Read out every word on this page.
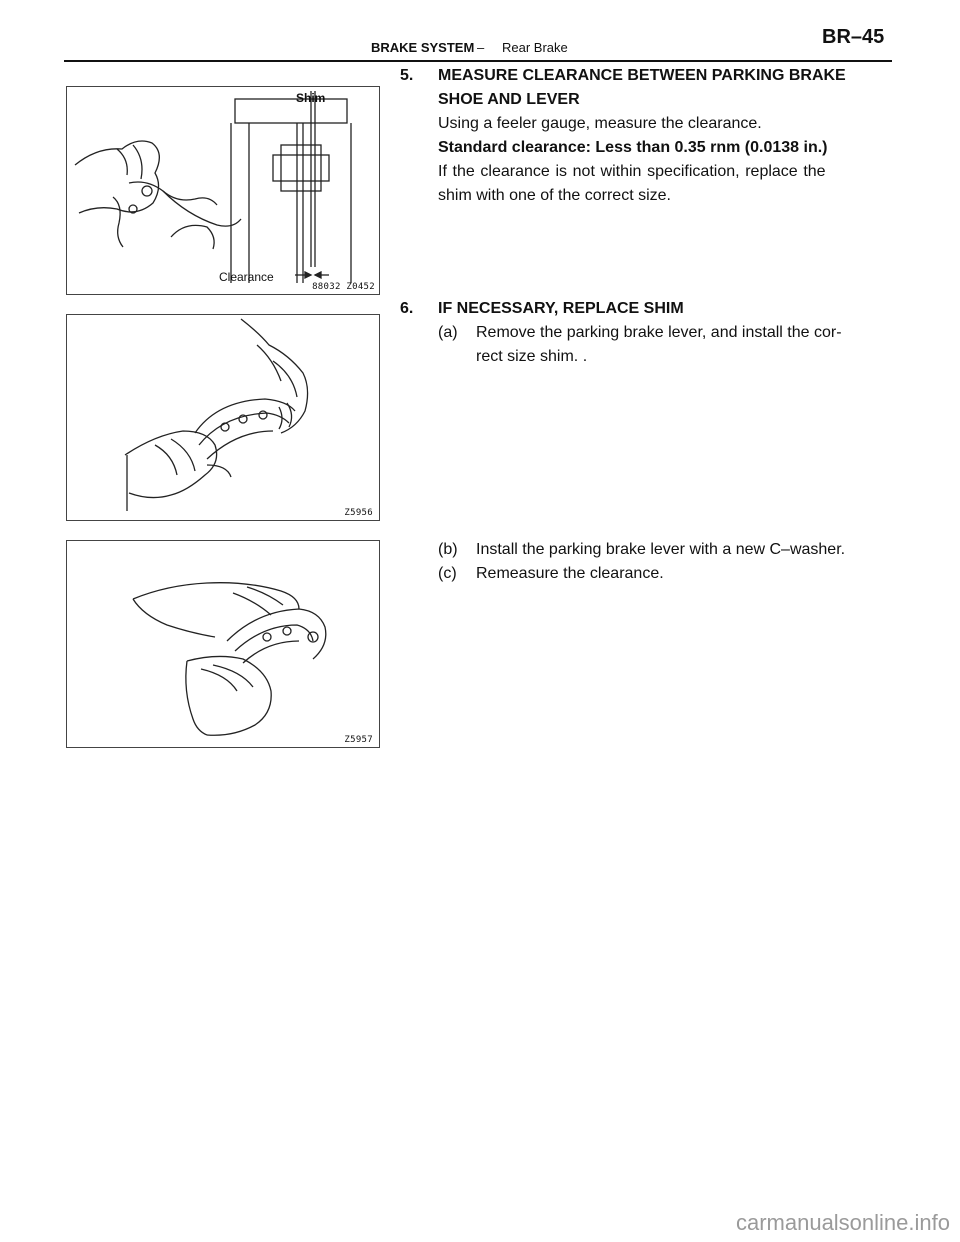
BRAKE SYSTEM – Rear Brake	BR–45
Shim
Clearance
88032 Z0452
Z5956
Z5957
5. MEASURE CLEARANCE BETWEEN PARKING BRAKE
SHOE AND LEVER
Using a feeler gauge, measure the clearance.
Standard clearance: Less than 0.35 rnm (0.0138 in.)
If the clearance is not within specification, replace the
shim with one of the correct size.
6. IF NECESSARY, REPLACE SHIM
(a) Remove the parking brake lever, and install the cor-
rect size shim. .
(b) Install the parking brake lever with a new C–washer.
(c) Remeasure the clearance.
carmanualsonline.info
